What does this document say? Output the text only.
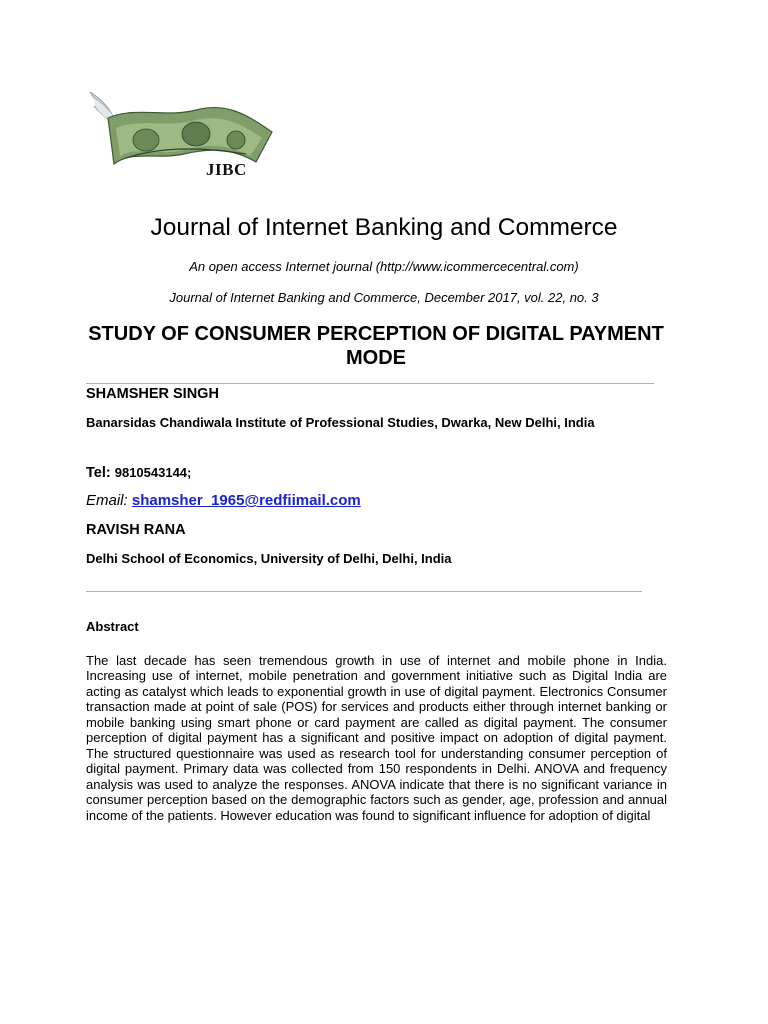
JIBC
Journal of Internet Banking and Commerce
An open access Internet journal (http://www.icommercecentral.com)
Journal of Internet Banking and Commerce, December 2017, vol. 22, no. 3
STUDY OF CONSUMER PERCEPTION OF DIGITAL PAYMENT MODE
SHAMSHER SINGH
Banarsidas Chandiwala Institute of Professional Studies, Dwarka, New Delhi, India
Tel: 9810543144;
Email: shamsher_1965@redfiimail.com
RAVISH RANA
Delhi School of Economics, University of Delhi, Delhi, India
Abstract

The last decade has seen tremendous growth in use of internet and mobile phone in India. Increasing use of internet, mobile penetration and government initiative such as Digital India are acting as catalyst which leads to exponential growth in use of digital payment. Electronics Consumer transaction made at point of sale (POS) for services and products either through internet banking or mobile banking using smart phone or card payment are called as digital payment. The consumer perception of digital payment has a significant and positive impact on adoption of digital payment. The structured questionnaire was used as research tool for understanding consumer perception of digital payment. Primary data was collected from 150 respondents in Delhi. ANOVA and frequency analysis was used to analyze the responses. ANOVA indicate that there is no significant variance in consumer perception based on the demographic factors such as gender, age, profession and annual income of the patients. However education was found to significant influence for adoption of digital
